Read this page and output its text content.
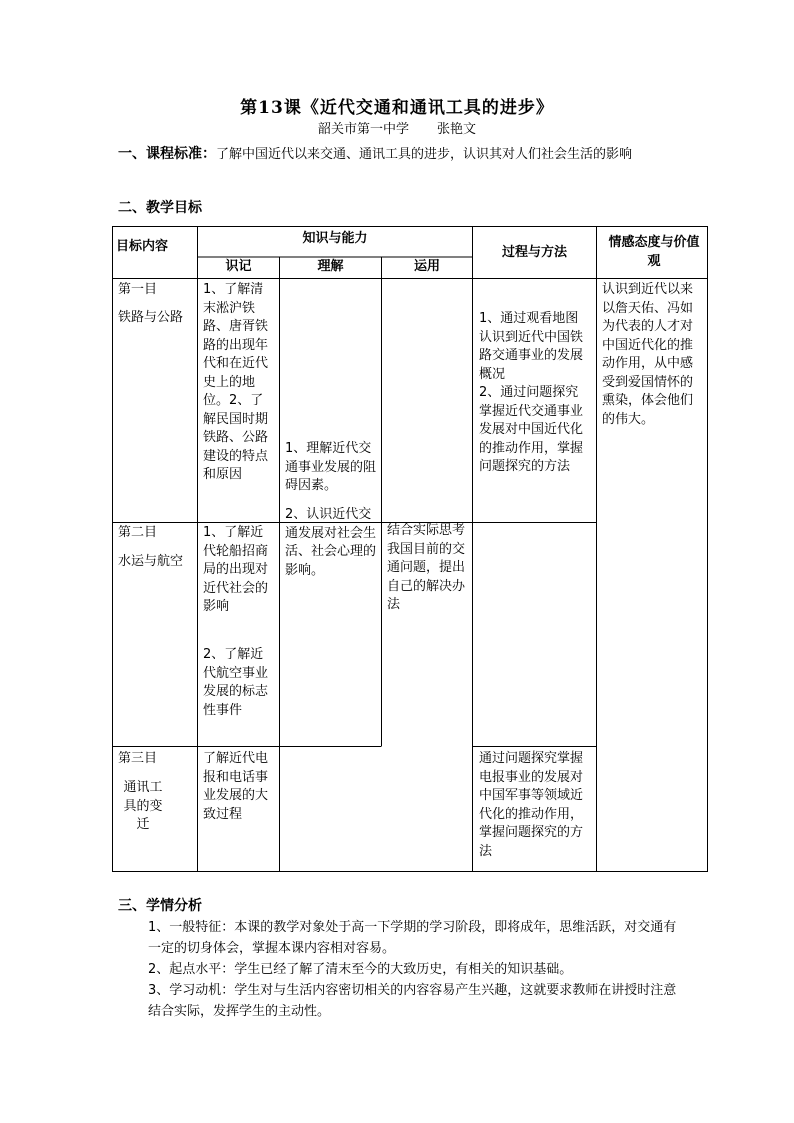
第13课《近代交通和通讯工具的进步》
韶关市第一中学 张艳文
一、课程标准：了解中国近代以来交通、通讯工具的进步，认识其对人们社会生活的影响
二、教学目标
目标内容
知识与能力
识记	理解	运用
过程与方法
情感态度与价值观
第一目
铁路与公路
1、了解清末淞沪铁路、唐胥铁路的出现年代和在近代史上的地位。2、了解民国时期铁路、公路建设的特点和原因
1、通过观看地图认识到近代中国铁路交通事业的发展概况
2、通过问题探究掌握近代交通事业发展对中国近代化的推动作用，掌握问题探究的方法
1、理解近代交通事业发展的阻碍因素。
2、认识近代交通发展对社会生活、社会心理的影响。
结合实际思考我国目前的交通问题，提出自己的解决办法
认识到近代以来以詹天佑、冯如为代表的人才对中国近代化的推动作用，从中感受到爱国情怀的熏染，体会他们的伟大。
第二目
水运与航空
1、了解近代轮船招商局的出现对近代社会的影响
2、了解近代航空事业发展的标志性事件
第三目
通讯工具的变迁
了解近代电报和电话事业发展的大致过程
通过问题探究掌握电报事业的发展对中国军事等领域近代化的推动作用，掌握问题探究的方法
三、学情分析
1、一般特征：本课的教学对象处于高一下学期的学习阶段，即将成年，思维活跃，对交通有一定的切身体会，掌握本课内容相对容易。
2、起点水平：学生已经了解了清末至今的大致历史，有相关的知识基础。
3、学习动机：学生对与生活内容密切相关的内容容易产生兴趣，这就要求教师在讲授时注意结合实际，发挥学生的主动性。
